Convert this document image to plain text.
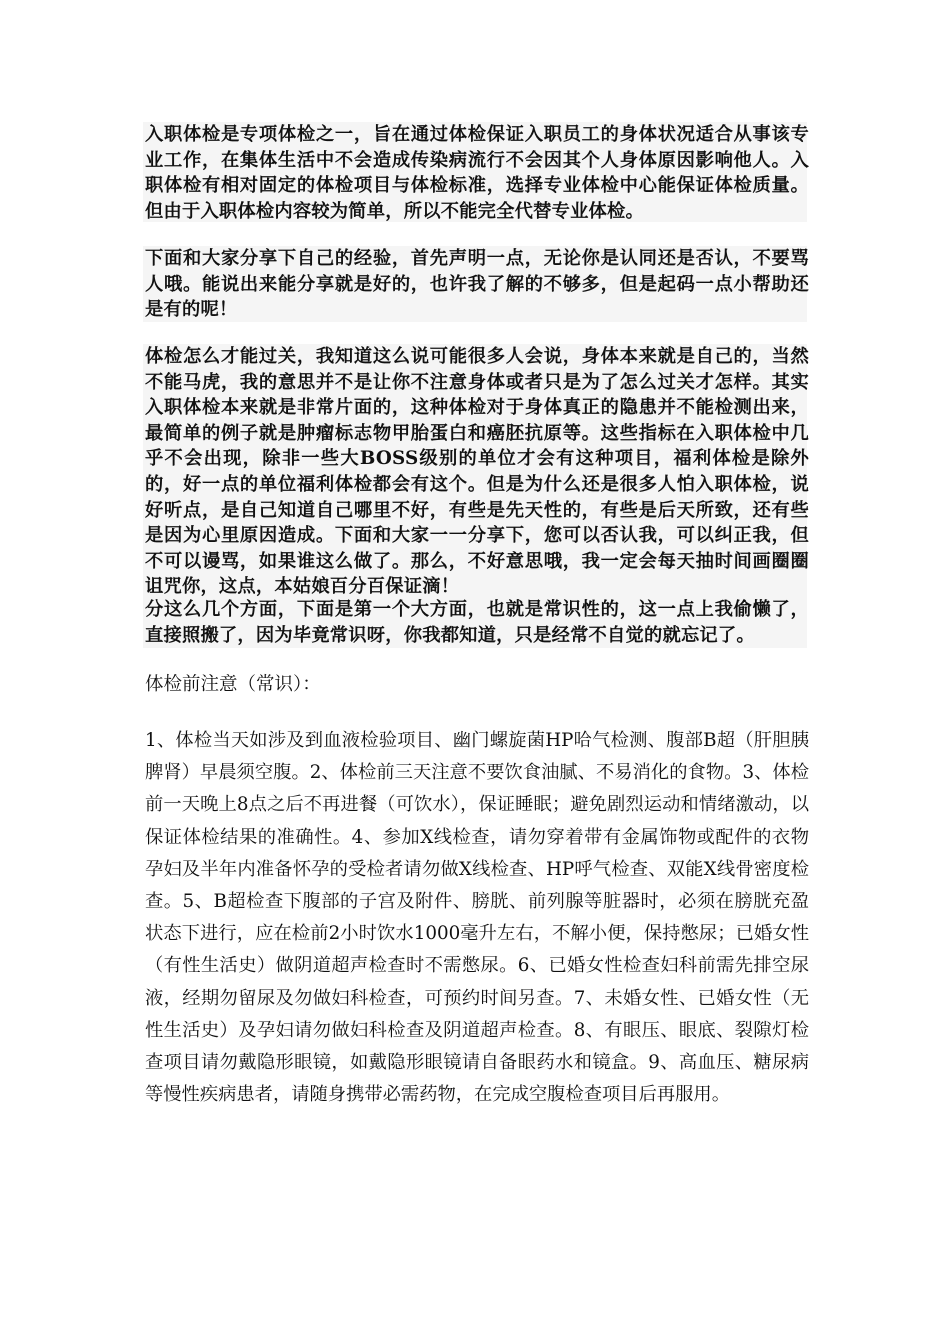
入职体检是专项体检之一，旨在通过体检保证入职员工的身体状况适合从事该专业工作，在集体生活中不会造成传染病流行不会因其个人身体原因影响他人。入职体检有相对固定的体检项目与体检标准，选择专业体检中心能保证体检质量。但由于入职体检内容较为简单，所以不能完全代替专业体检。

下面和大家分享下自己的经验，首先声明一点，无论你是认同还是否认，不要骂人哦。能说出来能分享就是好的，也许我了解的不够多，但是起码一点小帮助还是有的呢！

体检怎么才能过关，我知道这么说可能很多人会说，身体本来就是自己的，当然不能马虎，我的意思并不是让你不注意身体或者只是为了怎么过关才怎样。其实入职体检本来就是非常片面的，这种体检对于身体真正的隐患并不能检测出来，最简单的例子就是肿瘤标志物甲胎蛋白和癌胚抗原等。这些指标在入职体检中几乎不会出现，除非一些大BOSS级别的单位才会有这种项目，福利体检是除外的，好一点的单位福利体检都会有这个。但是为什么还是很多人怕入职体检，说好听点，是自己知道自己哪里不好，有些是先天性的，有些是后天所致，还有些是因为心里原因造成。下面和大家一一分享下，您可以否认我，可以纠正我，但不可以谩骂，如果谁这么做了。那么，不好意思哦，我一定会每天抽时间画圈圈诅咒你，这点，本姑娘百分百保证滴！

分这么几个方面，下面是第一个大方面，也就是常识性的，这一点上我偷懒了，直接照搬了，因为毕竟常识呀，你我都知道，只是经常不自觉的就忘记了。

体检前注意（常识）：

1、体检当天如涉及到血液检验项目、幽门螺旋菌HP哈气检测、腹部B超（肝胆胰脾肾）早晨须空腹。2、体检前三天注意不要饮食油腻、不易消化的食物。3、体检前一天晚上8点之后不再进餐（可饮水），保证睡眠；避免剧烈运动和情绪激动，以保证体检结果的准确性。4、参加X线检查，请勿穿着带有金属饰物或配件的衣物孕妇及半年内准备怀孕的受检者请勿做X线检查、HP呼气检查、双能X线骨密度检查。5、B超检查下腹部的子宫及附件、膀胱、前列腺等脏器时，必须在膀胱充盈状态下进行，应在检前2小时饮水1000毫升左右，不解小便，保持憋尿；已婚女性（有性生活史）做阴道超声检查时不需憋尿。6、已婚女性检查妇科前需先排空尿液，经期勿留尿及勿做妇科检查，可预约时间另查。7、未婚女性、已婚女性（无性生活史）及孕妇请勿做妇科检查及阴道超声检查。8、有眼压、眼底、裂隙灯检查项目请勿戴隐形眼镜，如戴隐形眼镜请自备眼药水和镜盒。9、高血压、糖尿病等慢性疾病患者，请随身携带必需药物，在完成空腹检查项目后再服用。
